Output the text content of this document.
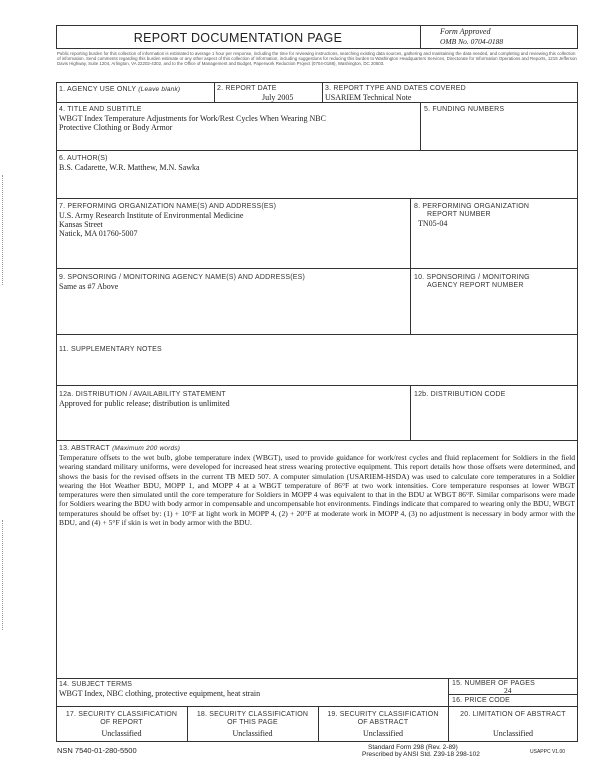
REPORT DOCUMENTATION PAGE	Form Approved
OMB No. 0704-0188
Public reporting burden for this collection of information is estimated to average 1 hour per response, including the time for reviewing instructions, searching existing data sources, gathering and maintaining the data needed, and completing and reviewing this collection of information. Send comments regarding this burden estimate or any other aspect of this collection of information, including suggestions for reducing this burden to Washington Headquarters Services, Directorate for Information Operations and Reports, 1215 Jefferson Davis Highway, Suite 1204, Arlington, VA 22202-4302, and to the Office of Management and Budget, Paperwork Reduction Project (0704-0188), Washington, DC 20503.
1. AGENCY USE ONLY (Leave blank)	2. REPORT DATE
July 2005
3. REPORT TYPE AND DATES COVERED
USARIEM Technical Note
4. TITLE AND SUBTITLE
WBGT Index Temperature Adjustments for Work/Rest Cycles When Wearing NBC
Protective Clothing or Body Armor
5. FUNDING NUMBERS
6. AUTHOR(S)
B.S. Cadarette, W.R. Matthew, M.N. Sawka
7. PERFORMING ORGANIZATION NAME(S) AND ADDRESS(ES)
U.S. Army Research Institute of Environmental Medicine
Kansas Street
Natick, MA 01760-5007
8. PERFORMING ORGANIZATION
REPORT NUMBER
TN05-04
9. SPONSORING / MONITORING AGENCY NAME(S) AND ADDRESS(ES)
Same as #7 Above
10. SPONSORING / MONITORING
AGENCY REPORT NUMBER
11. SUPPLEMENTARY NOTES
12a. DISTRIBUTION / AVAILABILITY STATEMENT
Approved for public release; distribution is unlimited
12b. DISTRIBUTION CODE
13. ABSTRACT (Maximum 200 words)
Temperature offsets to the wet bulb, globe temperature index (WBGT), used to provide guidance for work/rest cycles and fluid replacement for Soldiers in the field wearing standard military uniforms, were developed for increased heat stress wearing protective equipment. This report details how those offsets were determined, and shows the basis for the revised offsets in the current TB MED 507. A computer simulation (USARIEM-HSDA) was used to calculate core temperatures in a Soldier wearing the Hot Weather BDU, MOPP 1, and MOPP 4 at a WBGT temperature of 86°F at two work intensities. Core temperature responses at lower WBGT temperatures were then simulated until the core temperature for Soldiers in MOPP 4 was equivalent to that in the BDU at WBGT 86°F. Similar comparisons were made for Soldiers wearing the BDU with body armor in compensable and uncompensable hot environments. Findings indicate that compared to wearing only the BDU, WBGT temperatures should be offset by: (1) + 10°F at light work in MOPP 4, (2) + 20°F at moderate work in MOPP 4, (3) no adjustment is necessary in body armor with the BDU, and (4) + 5°F if skin is wet in body armor with the BDU.
14. SUBJECT TERMS
WBGT Index, NBC clothing, protective equipment, heat strain
15. NUMBER OF PAGES
24
16. PRICE CODE
17. SECURITY CLASSIFICATION
OF REPORT
Unclassified
18. SECURITY CLASSIFICATION
OF THIS PAGE
Unclassified
19. SECURITY CLASSIFICATION
OF ABSTRACT
Unclassified
20. LIMITATION OF ABSTRACT
Unclassified
NSN 7540-01-280-5500	Standard Form 298 (Rev. 2-89)
Prescribed by ANSI Std. Z39-18 298-102	USAPPC V1.00
